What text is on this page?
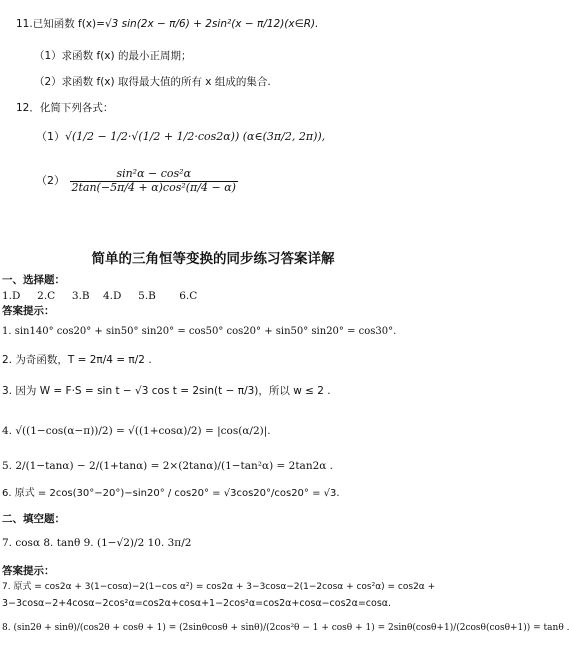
11.已知函数 f(x)=√3 sin(2x − π/6) + 2sin²(x − π/12)(x∈R).
（1）求函数 f(x) 的最小正周期；
（2）求函数 f(x) 取得最大值的所有 x 组成的集合.
12．化简下列各式：
（1）√(1/2 − 1/2·√(1/2 + 1/2·cos2α)) (α∈(3π/2, 2π)),
$(2) \frac{\text{sin²α − cos²α}}{\text{2tan(−5π/4 + α)cos²(π/4 − α)}}$
简单的三角恒等变换的同步练习答案详解
一、选择题：
1.D 2.C 3.B 4.D 5.B 6.C
答案提示：
1. sin140° cos20° + sin50° sin20° = cos50° cos20° + sin50° sin20° = cos30°.
2. 为奇函数，T = 2π/4 = π/2 .
3. 因为 W = F·S = sin t − √3 cos t = 2sin(t − π/3)，所以 w ≤ 2 .
4. √((1−cos(α−π))/2) = √((1+cosα)/2) = |cos(α/2)|.
5. 2/(1−tanα) − 2/(1+tanα) = 2×(2tanα)/(1−tan²α) = 2tan2α .
6. 原式 = 2cos(30°−20°)−sin20° / cos20° = √3cos20°/cos20° = √3.
二、填空题：
7. cosα 8. tanθ 9. (1−√2)/2 10. 3π/2
答案提示：
7. 原式 = cos2α + 3(1−cosα)−2(1−cos α²) = cos2α + 3−3cosα−2(1−2cosα + cos²α) = cos2α +
3−3cosα−2+4cosα−2cos²α=cos2α+cosα+1−2cos²α=cos2α+cosα−cos2α=cosα.
8. (sin2θ + sinθ)/(cos2θ + cosθ + 1) = (2sinθcosθ + sinθ)/(2cos²θ − 1 + cosθ + 1) = 2sinθ(cosθ+1)/(2cosθ(cosθ+1)) = tanθ .
